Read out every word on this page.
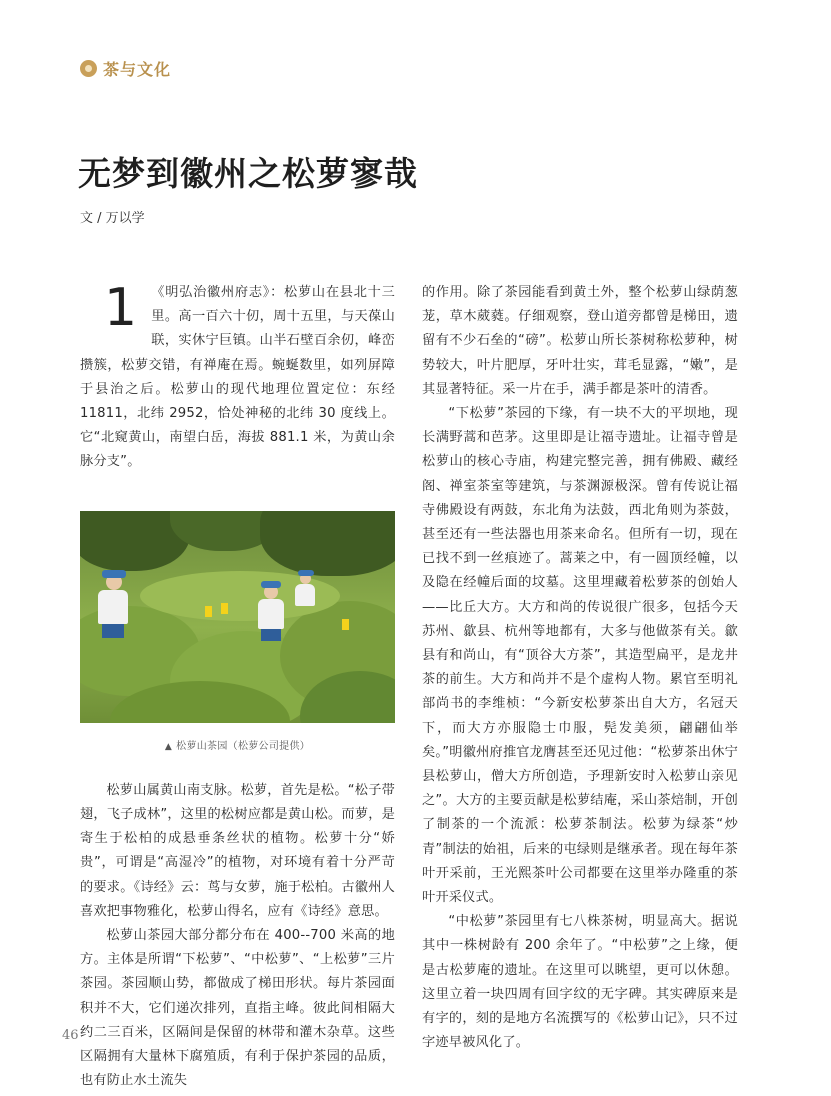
茶与文化
无梦到徽州之松萝寥哉
文 / 万以学

1 《明弘治徽州府志》：松萝山在县北十三里。高一百六十仞，周十五里，与天葆山联，实休宁巨镇。山半石壁百余仞，峰峦攒簇，松萝交错，有禅庵在焉。蜿蜒数里，如列屏障于县治之后。松萝山的现代地理位置定位：东经 11811，北纬 2952，恰处神秘的北纬 30 度线上。它“北窥黄山，南望白岳，海拔 881.1 米，为黄山余脉分支”。

▲ 松萝山茶园（松萝公司提供）

松萝山属黄山南支脉。松萝，首先是松。“松子带翅，飞子成林”，这里的松树应都是黄山松。而萝，是寄生于松柏的成悬垂条丝状的植物。松萝十分“娇贵”，可谓是“高湿冷”的植物，对环境有着十分严苛的要求。《诗经》云：茑与女萝，施于松柏。古徽州人喜欢把事物雅化，松萝山得名，应有《诗经》意思。

松萝山茶园大部分都分布在 400--700 米高的地方。主体是所谓“下松萝”、“中松萝”、“上松萝”三片茶园。茶园顺山势，都做成了梯田形状。每片茶园面积并不大，它们递次排列，直指主峰。彼此间相隔大约二三百米，区隔间是保留的林带和灌木杂草。这些区隔拥有大量林下腐殖质，有利于保护茶园的品质，也有防止水土流失

的作用。除了茶园能看到黄土外，整个松萝山绿荫葱茏，草木葳蕤。仔细观察，登山道旁都曾是梯田，遗留有不少石垒的“磅”。松萝山所长茶树称松萝种，树势较大，叶片肥厚，牙叶壮实，茸毛显露，“嫩”，是其显著特征。采一片在手，满手都是茶叶的清香。

“下松萝”茶园的下缘，有一块不大的平坝地，现长满野蒿和芭茅。这里即是让福寺遗址。让福寺曾是松萝山的核心寺庙，构建完整完善，拥有佛殿、藏经阁、禅室茶室等建筑，与茶渊源极深。曾有传说让福寺佛殿设有两鼓，东北角为法鼓，西北角则为茶鼓，甚至还有一些法器也用茶来命名。但所有一切，现在已找不到一丝痕迹了。蒿莱之中，有一圆顶经幢，以及隐在经幢后面的坟墓。这里埋藏着松萝茶的创始人——比丘大方。大方和尚的传说很广很多，包括今天苏州、歙县、杭州等地都有，大多与他做茶有关。歙县有和尚山，有“顶谷大方茶”，其造型扁平，是龙井茶的前生。大方和尚并不是个虚构人物。累官至明礼部尚书的李维桢：“今新安松萝茶出自大方，名冠天下，而大方亦服隐士巾服，髡发美须，翩翩仙举矣。”明徽州府推官龙膺甚至还见过他：“松萝茶出休宁县松萝山，僧大方所创造，予理新安时入松萝山亲见之”。大方的主要贡献是松萝结庵，采山茶焙制，开创了制茶的一个流派：松萝茶制法。松萝为绿茶“炒青”制法的始祖，后来的屯绿则是继承者。现在每年茶叶开采前，王光熙茶叶公司都要在这里举办隆重的茶叶开采仪式。

“中松萝”茶园里有七八株茶树，明显高大。据说其中一株树龄有 200 余年了。“中松萝”之上缘，便是古松萝庵的遗址。在这里可以眺望，更可以休憩。这里立着一块四周有回字纹的无字碑。其实碑原来是有字的，刻的是地方名流撰写的《松萝山记》，只不过字迹早被风化了。

46
